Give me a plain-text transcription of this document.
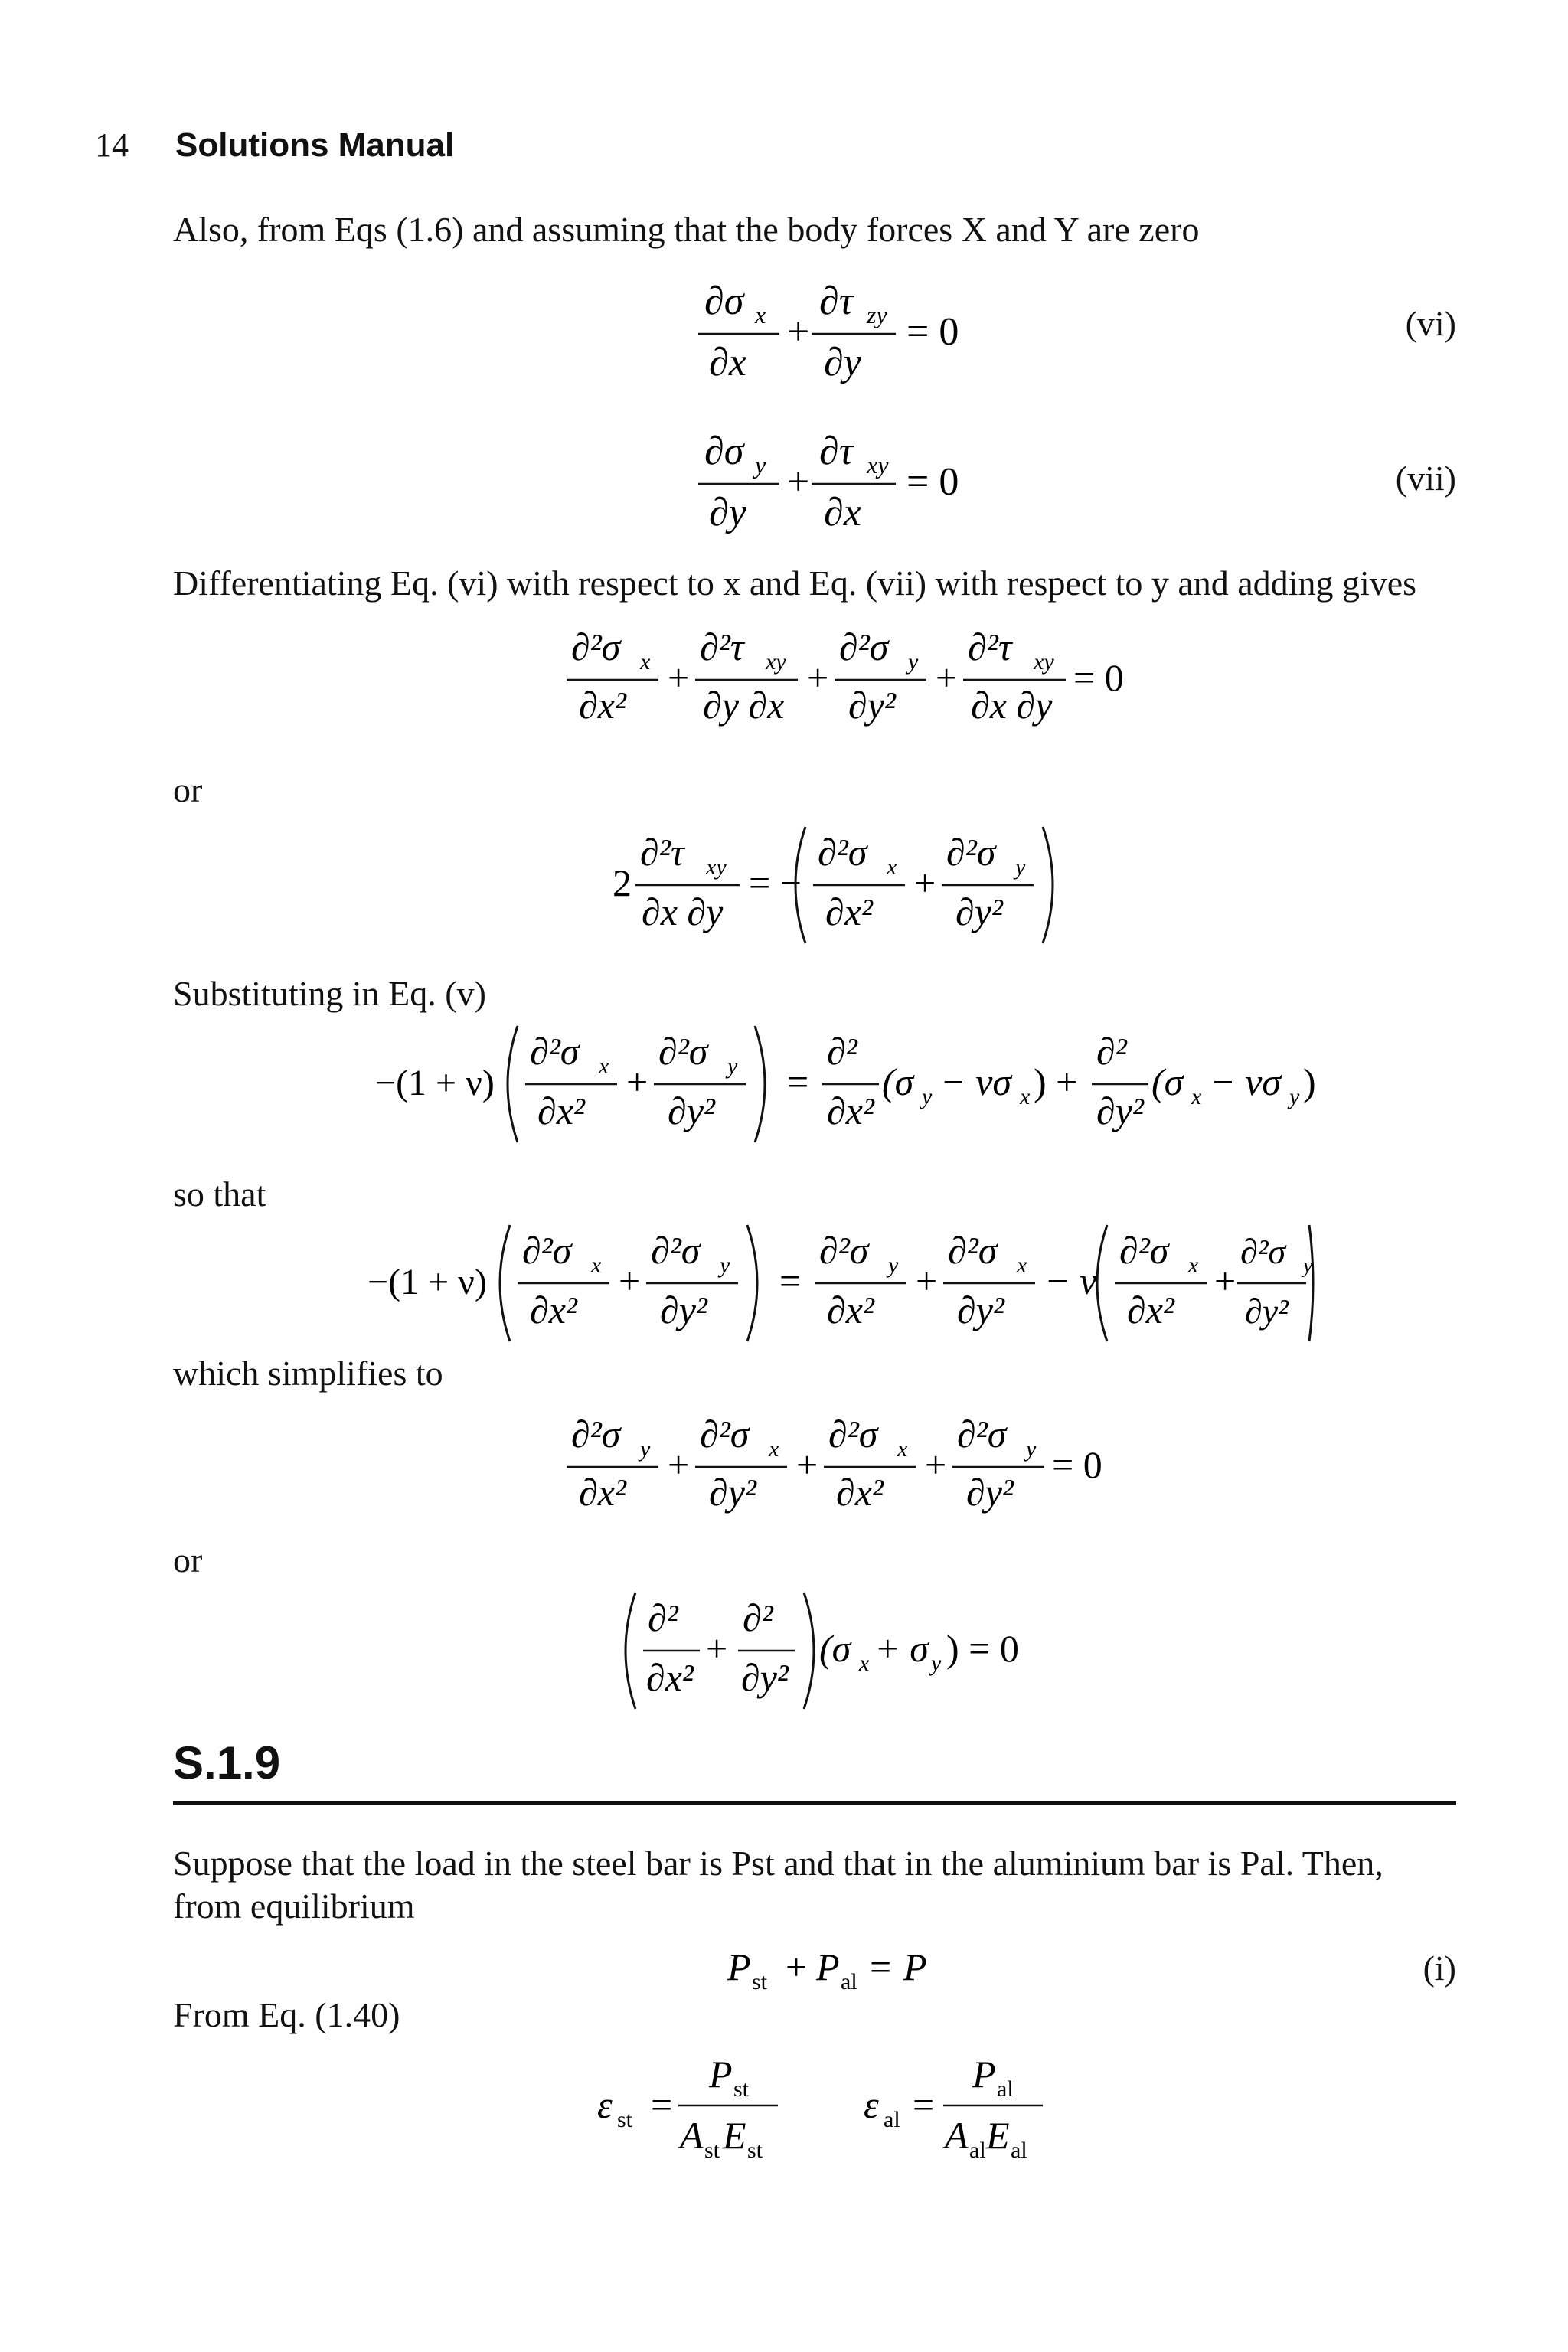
14 Solutions Manual
Also, from Eqs (1.6) and assuming that the body forces X and Y are zero
∂σ x
∂x
+
∂τ zy
∂y
= 0	(vi)
∂σ y
∂y
+
∂τ xy
∂x
= 0	(vii)
Differentiating Eq. (vi) with respect to x and Eq. (vii) with respect to y and adding gives
∂²σ x
∂x²
+
∂²τ xy
∂y ∂x
+
∂²σ y
∂y²
+
∂²τ xy
∂x ∂y
= 0
or
2
∂²τ xy
∂x ∂y
= −
∂²σ x
∂x²
+
∂²σ y
∂y²
Substituting in Eq. (v)
−(1 + ν)
∂²σ x
∂x²
+
∂²σ y
∂y²
=
∂²
∂x²
(σ y − νσ x ) +
∂²
∂y²
(σ x − νσ y )
so that
−(1 + ν)
∂²σ x
∂x²
+
∂²σ y
∂y²
=
∂²σ y
∂x²
+
∂²σ x
∂y²
− ν
∂²σ x
∂x²
+
∂²σ y
∂y²
which simplifies to
∂²σ y
∂x²
+
∂²σ x
∂y²
+
∂²σ x
∂x²
+
∂²σ y
∂y²
= 0
or
∂²
∂x²
+
∂²
∂y²
(σ x + σ y ) = 0
S.1.9
Suppose that the load in the steel bar is Pst and that in the aluminium bar is Pal. Then,
from equilibrium
P st + P al = P	(i)
From Eq. (1.40)
ε st =
P st
A st E st
ε al =
P al
A al E al
